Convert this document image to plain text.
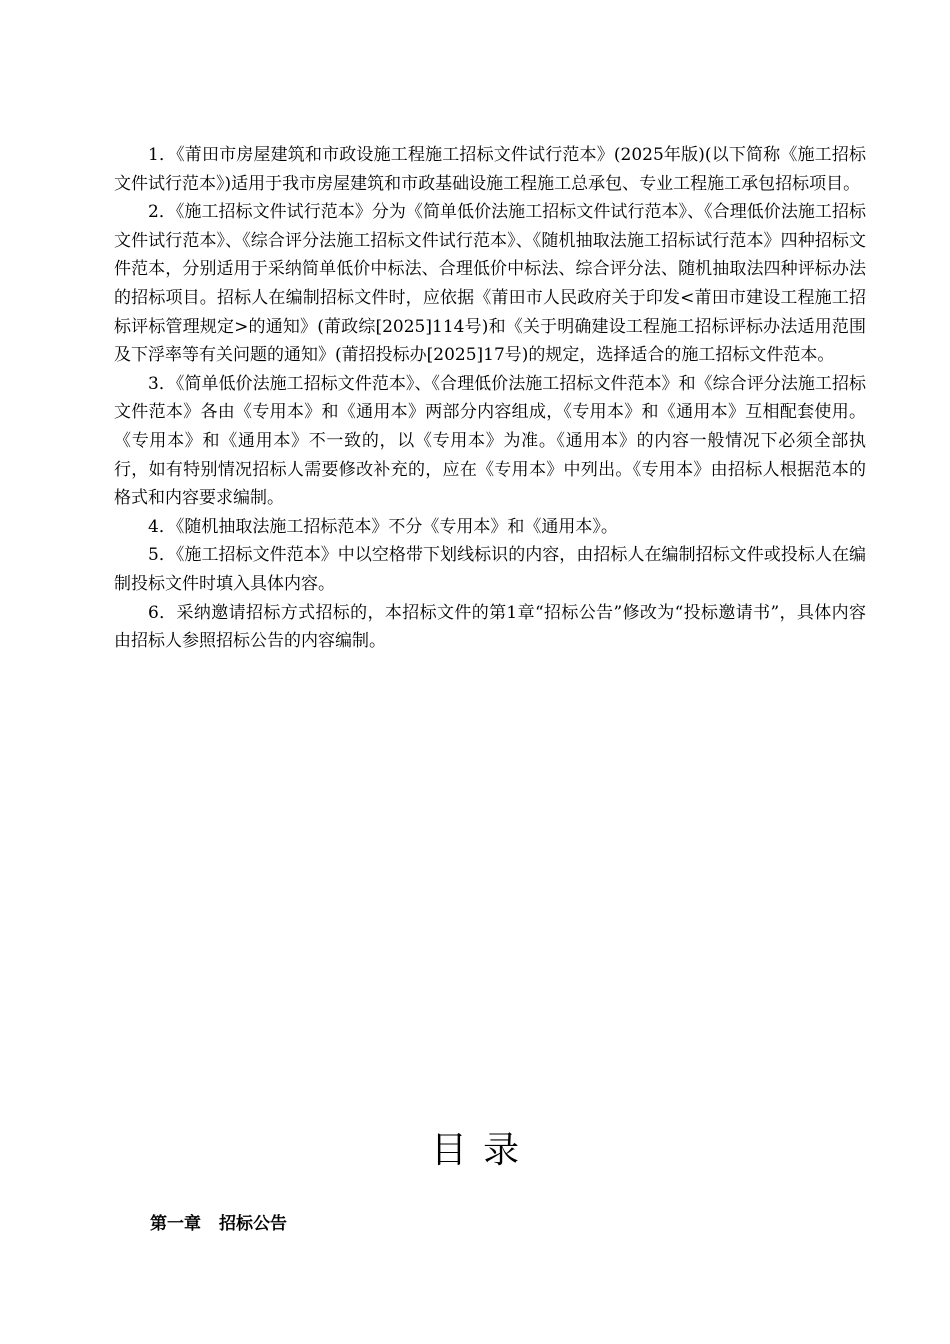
1．《莆田市房屋建筑和市政设施工程施工招标文件试行范本》(2025年版)(以下简称《施工招标文件试行范本》)适用于我市房屋建筑和市政基础设施工程施工总承包、专业工程施工承包招标项目。

2．《施工招标文件试行范本》分为《简单低价法施工招标文件试行范本》、《合理低价法施工招标文件试行范本》、《综合评分法施工招标文件试行范本》、《随机抽取法施工招标试行范本》四种招标文件范本，分别适用于采纳简单低价中标法、合理低价中标法、综合评分法、随机抽取法四种评标办法的招标项目。招标人在编制招标文件时，应依据《莆田市人民政府关于印发<莆田市建设工程施工招标评标管理规定>的通知》(莆政综[2025]114号)和《关于明确建设工程施工招标评标办法适用范围及下浮率等有关问题的通知》(莆招投标办[2025]17号)的规定，选择适合的施工招标文件范本。

3．《简单低价法施工招标文件范本》、《合理低价法施工招标文件范本》和《综合评分法施工招标文件范本》各由《专用本》和《通用本》两部分内容组成，《专用本》和《通用本》互相配套使用。《专用本》和《通用本》不一致的，以《专用本》为准。《通用本》的内容一般情况下必须全部执行，如有特别情况招标人需要修改补充的，应在《专用本》中列出。《专用本》由招标人根据范本的格式和内容要求编制。

4．《随机抽取法施工招标范本》不分《专用本》和《通用本》。

5．《施工招标文件范本》中以空格带下划线标识的内容，由招标人在编制招标文件或投标人在编制投标文件时填入具体内容。

6．采纳邀请招标方式招标的，本招标文件的第1章“招标公告”修改为“投标邀请书”，具体内容由招标人参照招标公告的内容编制。

目录
第一章 招标公告
